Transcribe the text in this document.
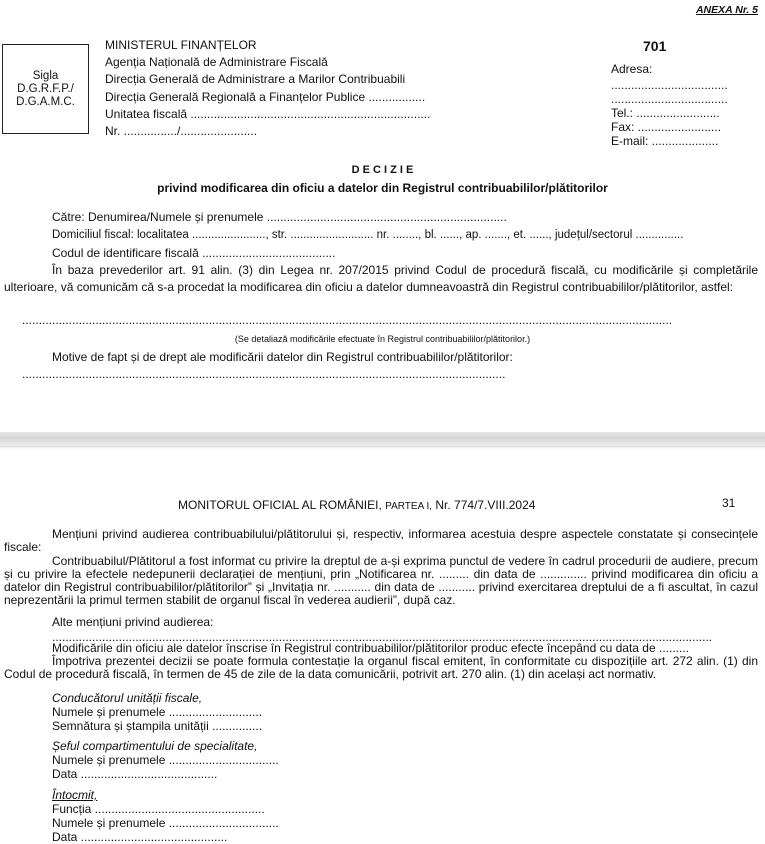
ANEXA Nr. 5
Sigla
D.G.R.F.P./
D.G.A.M.C.
MINISTERUL FINANȚELOR
Agenția Națională de Administrare Fiscală
Direcția Generală de Administrare a Marilor Contribuabili
Direcția Generală Regională a Finanțelor Publice .................
Unitatea fiscală ........................................................................
Nr. ................/.......................
701
Adresa:
...................................
...................................
Tel.: .........................
Fax: .........................
E-mail: ....................
D E C I Z I E
privind modificarea din oficiu a datelor din Registrul contribuabililor/plătitorilor
Către: Denumirea/Numele și prenumele ........................................................................
Domiciliul fiscal: localitatea ......................., str. .......................... nr. ........, bl. ......, ap. ......., et. ......, județul/sectorul ...............
Codul de identificare fiscală ........................................
În baza prevederilor art. 91 alin. (3) din Legea nr. 207/2015 privind Codul de procedură fiscală, cu modificările și completările ulterioare, vă comunicăm că s-a procedat la modificarea din oficiu a datelor dumneavoastră din Registrul contribuabililor/plătitorilor, astfel:
...................................................................................................................................................................................................
(Se detaliază modificările efectuate în Registrul contribuabililor/plătitorilor.)
Motive de fapt și de drept ale modificării datelor din Registrul contribuabililor/plătitorilor:
.................................................................................................................................................
MONITORUL OFICIAL AL ROMÂNIEI, PARTEA I, Nr. 774/7.VIII.2024	31
Mențiuni privind audierea contribuabilului/plătitorului și, respectiv, informarea acestuia despre aspectele constatate și consecințele fiscale:
Contribuabilul/Plătitorul a fost informat cu privire la dreptul de a-și exprima punctul de vedere în cadrul procedurii de audiere, precum și cu privire la efectele nedepunerii declarației de mențiuni, prin „Notificarea nr. ......... din data de .............. privind modificarea din oficiu a datelor din Registrul contribuabililor/plătitorilor” și „Invitația nr. ........... din data de ........... privind exercitarea dreptului de a fi ascultat, în cazul neprezentării la primul termen stabilit de organul fiscal în vederea audierii”, după caz.
Alte mențiuni privind audierea:
......................................................................................................................................................................................................
Modificările din oficiu ale datelor înscrise în Registrul contribuabililor/plătitorilor produc efecte începând cu data de .........
Împotriva prezentei decizii se poate formula contestație la organul fiscal emitent, în conformitate cu dispozițiile art. 272 alin. (1) din Codul de procedură fiscală, în termen de 45 de zile de la data comunicării, potrivit art. 270 alin. (1) din același act normativ.
Conducătorul unității fiscale,
Numele și prenumele ............................
Semnătura și ștampila unității ...............
Șeful compartimentului de specialitate,
Numele și prenumele .................................
Data .........................................
Întocmit,
Funcția ...................................................
Numele și prenumele .................................
Data ............................................
